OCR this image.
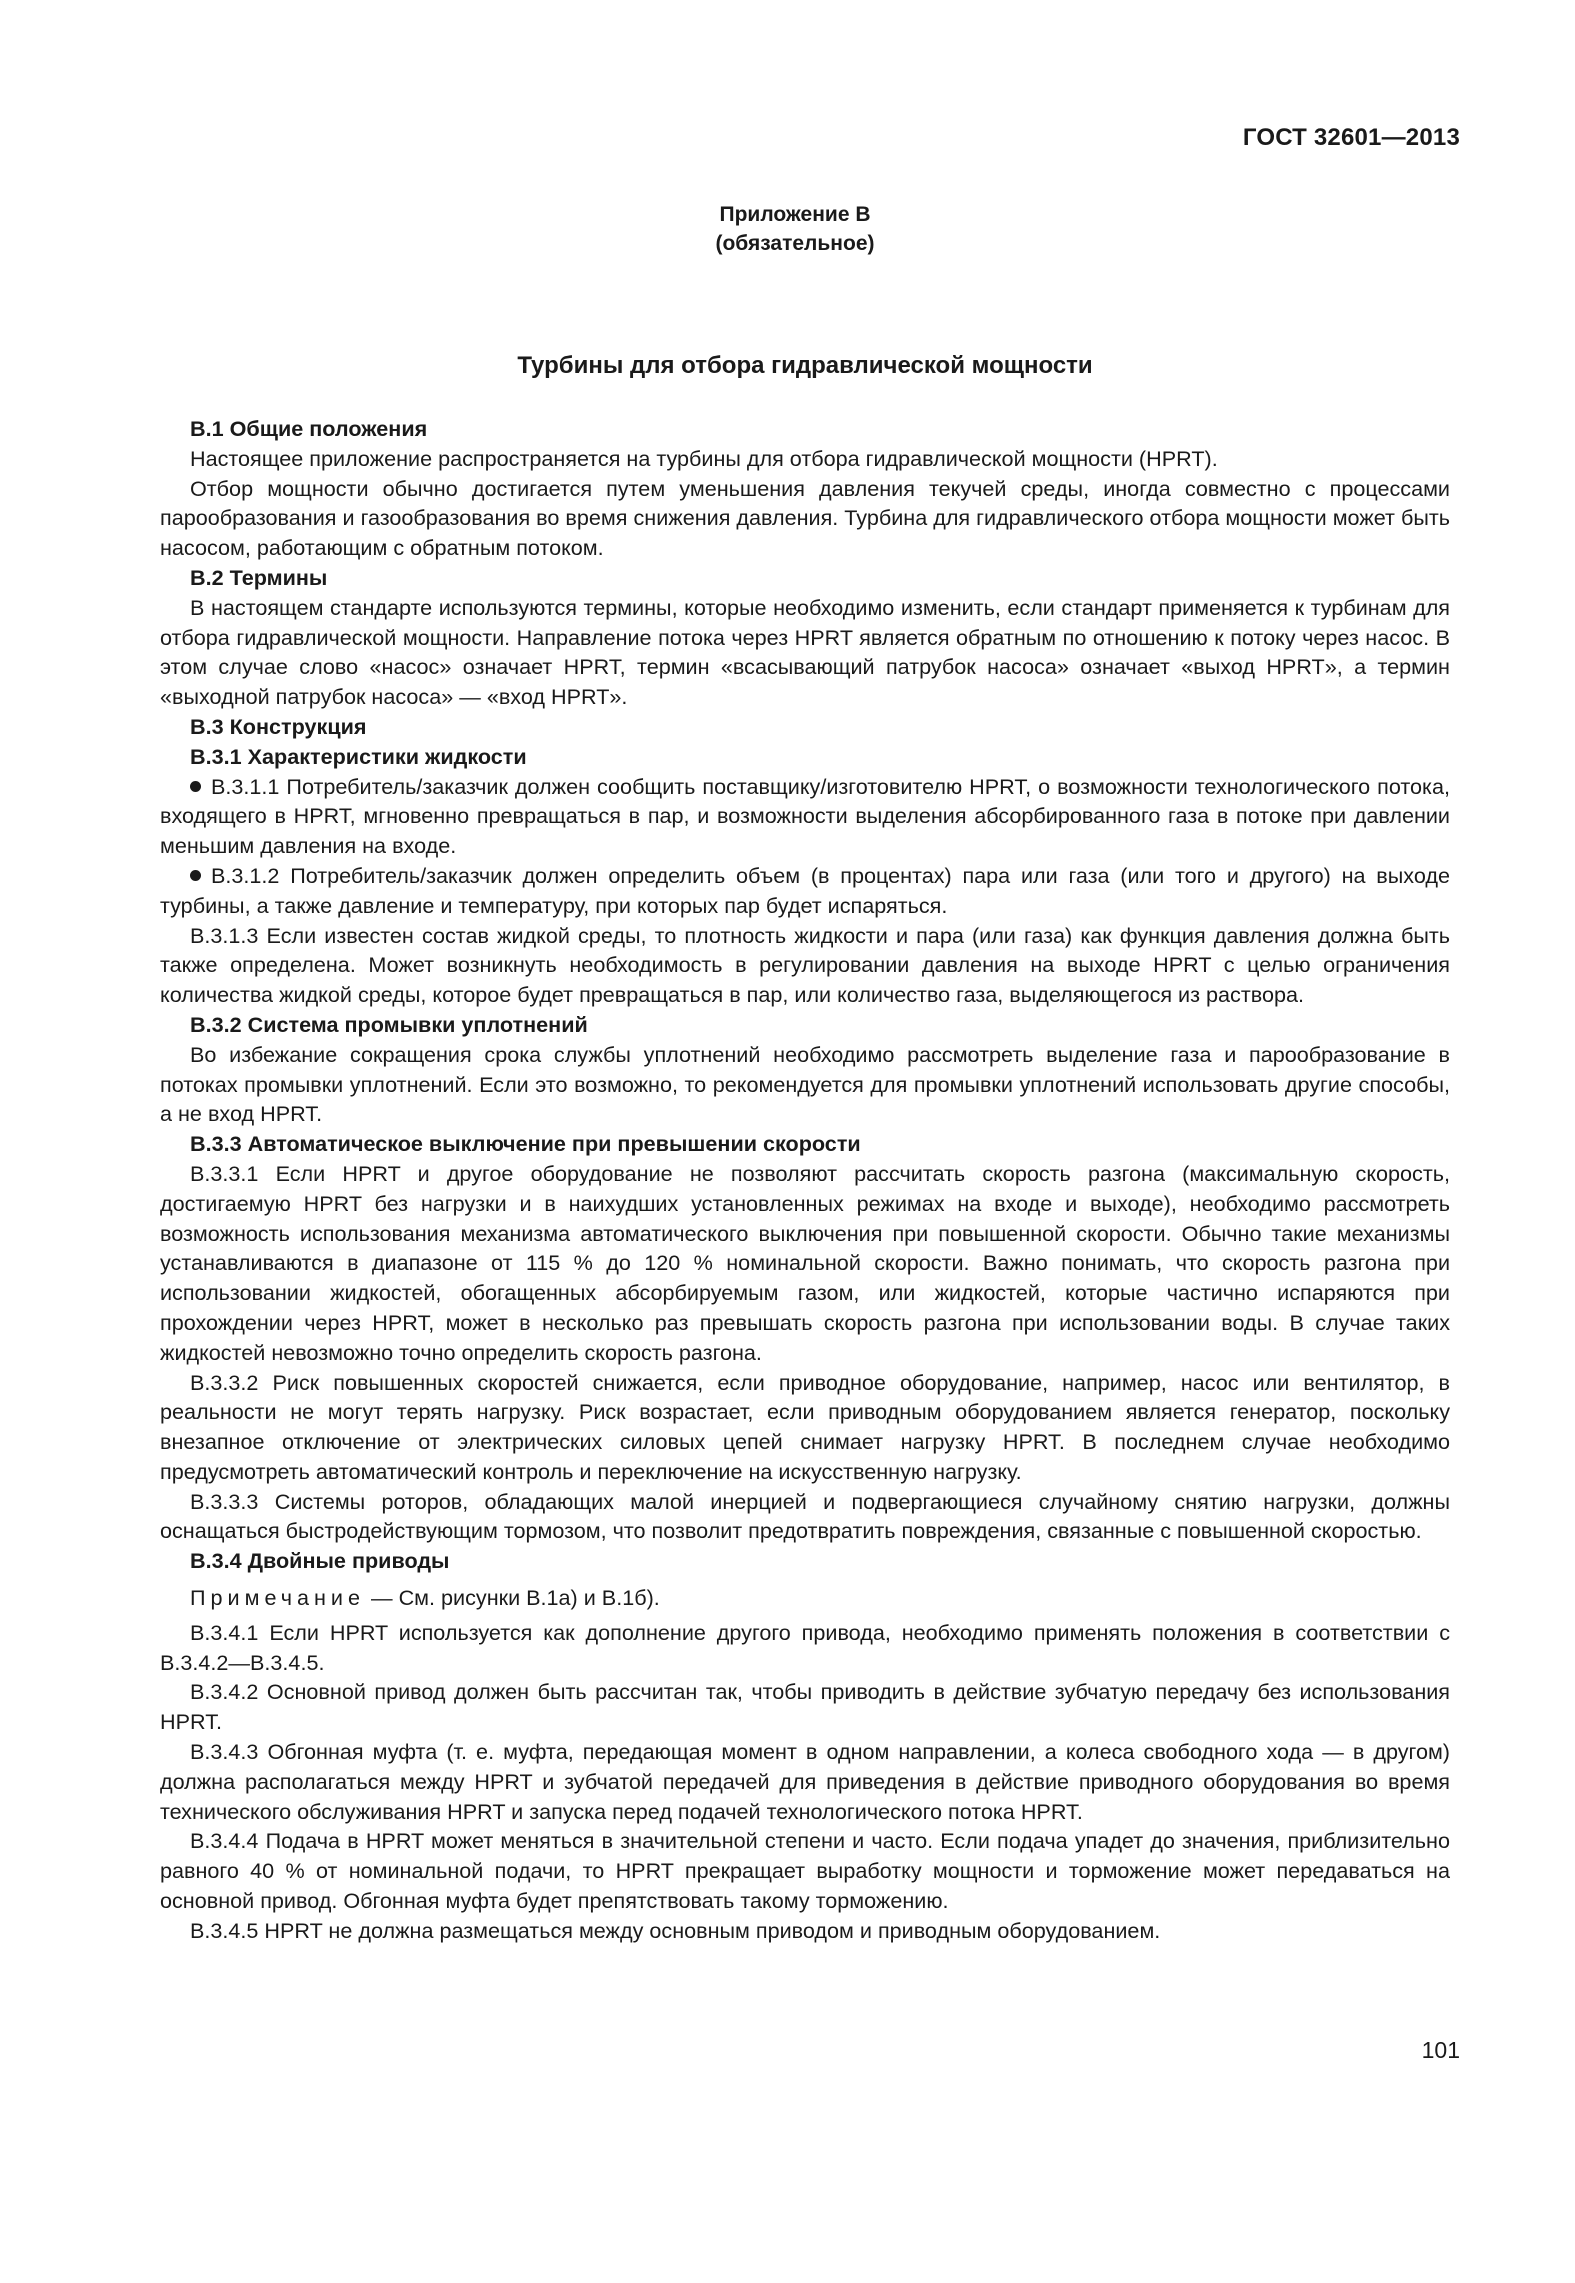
ГОСТ 32601—2013
Приложение В
(обязательное)
Турбины для отбора гидравлической мощности
В.1 Общие положения

Настоящее приложение распространяется на турбины для отбора гидравлической мощности (HPRT).

Отбор мощности обычно достигается путем уменьшения давления текучей среды, иногда совместно с процессами парообразования и газообразования во время снижения давления. Турбина для гидравлического отбора мощности может быть насосом, работающим с обратным потоком.

В.2 Термины

В настоящем стандарте используются термины, которые необходимо изменить, если стандарт применяется к турбинам для отбора гидравлической мощности. Направление потока через HPRT является обратным по отношению к потоку через насос. В этом случае слово «насос» означает HPRT, термин «всасывающий патрубок насоса» означает «выход HPRT», а термин «выходной патрубок насоса» — «вход HPRT».

В.3 Конструкция
В.3.1 Характеристики жидкости

В.3.1.1 Потребитель/заказчик должен сообщить поставщику/изготовителю HPRT, о возможности технологического потока, входящего в HPRT, мгновенно превращаться в пар, и возможности выделения абсорбированного газа в потоке при давлении меньшим давления на входе.

В.3.1.2 Потребитель/заказчик должен определить объем (в процентах) пара или газа (или того и другого) на выходе турбины, а также давление и температуру, при которых пар будет испаряться.

В.3.1.3 Если известен состав жидкой среды, то плотность жидкости и пара (или газа) как функция давления должна быть также определена. Может возникнуть необходимость в регулировании давления на выходе HPRT с целью ограничения количества жидкой среды, которое будет превращаться в пар, или количество газа, выделяющегося из раствора.

В.3.2 Система промывки уплотнений

Во избежание сокращения срока службы уплотнений необходимо рассмотреть выделение газа и парообразование в потоках промывки уплотнений. Если это возможно, то рекомендуется для промывки уплотнений использовать другие способы, а не вход HPRT.

В.3.3 Автоматическое выключение при превышении скорости

В.3.3.1 Если HPRT и другое оборудование не позволяют рассчитать скорость разгона (максимальную скорость, достигаемую HPRT без нагрузки и в наихудших установленных режимах на входе и выходе), необходимо рассмотреть возможность использования механизма автоматического выключения при повышенной скорости. Обычно такие механизмы устанавливаются в диапазоне от 115 % до 120 % номинальной скорости. Важно понимать, что скорость разгона при использовании жидкостей, обогащенных абсорбируемым газом, или жидкостей, которые частично испаряются при прохождении через HPRT, может в несколько раз превышать скорость разгона при использовании воды. В случае таких жидкостей невозможно точно определить скорость разгона.

В.3.3.2 Риск повышенных скоростей снижается, если приводное оборудование, например, насос или вентилятор, в реальности не могут терять нагрузку. Риск возрастает, если приводным оборудованием является генератор, поскольку внезапное отключение от электрических силовых цепей снимает нагрузку HPRT. В последнем случае необходимо предусмотреть автоматический контроль и переключение на искусственную нагрузку.

В.3.3.3 Системы роторов, обладающих малой инерцией и подвергающиеся случайному снятию нагрузки, должны оснащаться быстродействующим тормозом, что позволит предотвратить повреждения, связанные с повышенной скоростью.

В.3.4 Двойные приводы

Примечание — См. рисунки В.1а) и В.1б).

В.3.4.1 Если HPRT используется как дополнение другого привода, необходимо применять положения в соответствии с В.3.4.2—В.3.4.5.

В.3.4.2 Основной привод должен быть рассчитан так, чтобы приводить в действие зубчатую передачу без использования HPRT.

В.3.4.3 Обгонная муфта (т. е. муфта, передающая момент в одном направлении, а колеса свободного хода — в другом) должна располагаться между HPRT и зубчатой передачей для приведения в действие приводного оборудования во время технического обслуживания HPRT и запуска перед подачей технологического потока HPRT.

В.3.4.4 Подача в HPRT может меняться в значительной степени и часто. Если подача упадет до значения, приблизительно равного 40 % от номинальной подачи, то HPRT прекращает выработку мощности и торможение может передаваться на основной привод. Обгонная муфта будет препятствовать такому торможению.

В.3.4.5 HPRT не должна размещаться между основным приводом и приводным оборудованием.

101
